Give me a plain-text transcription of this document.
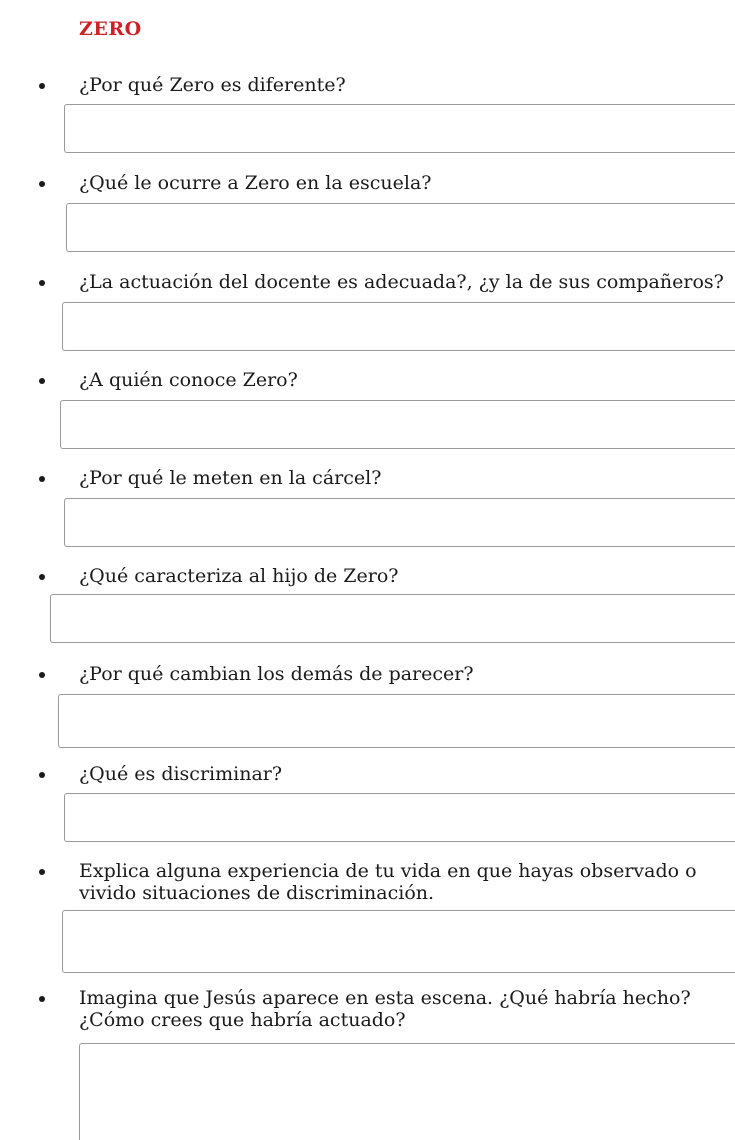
ZERO
¿Por qué Zero es diferente?
¿Qué le ocurre a Zero en la escuela?
¿La actuación del docente es adecuada?, ¿y la de sus compañeros?
¿A quién conoce Zero?
¿Por qué le meten en la cárcel?
¿Qué caracteriza al hijo de Zero?
¿Por qué cambian los demás de parecer?
¿Qué es discriminar?
Explica alguna experiencia de tu vida en que hayas observado o vivido situaciones de discriminación.
Imagina que Jesús aparece en esta escena. ¿Qué habría hecho? ¿Cómo crees que habría actuado?
